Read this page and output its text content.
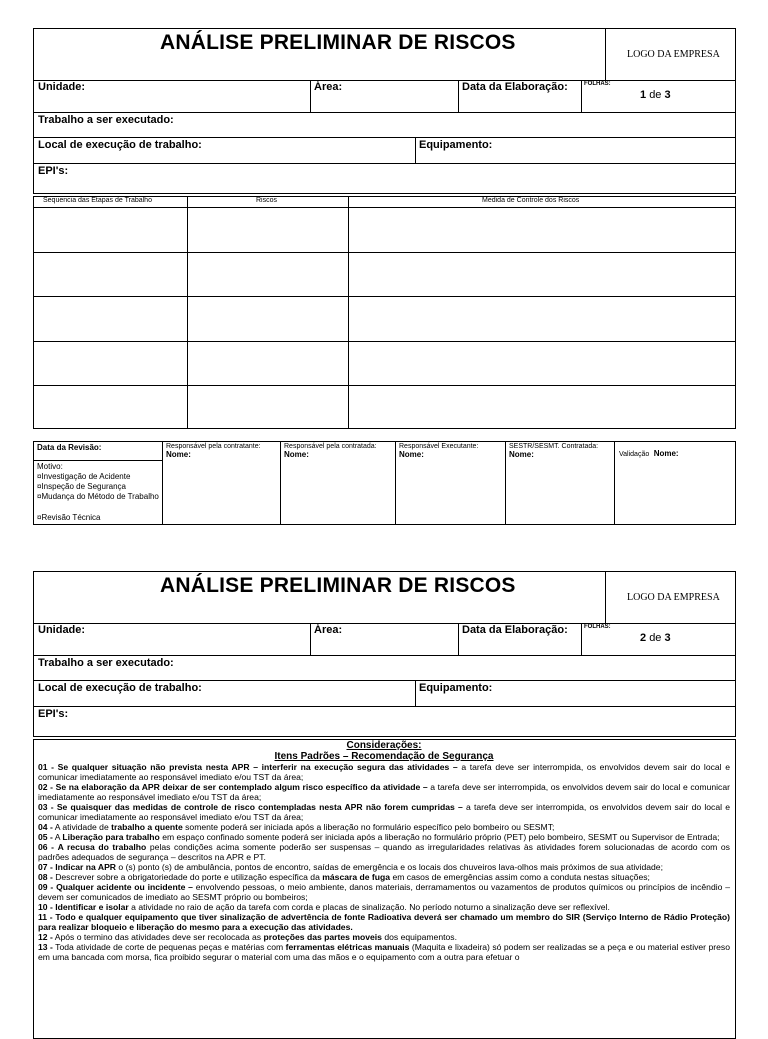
ANÁLISE PRELIMINAR DE RISCOS
LOGO DA EMPRESA
Unidade:	Área:	Data da Elaboração:	FOLHAS:
1 de 3
Trabalho a ser executado:
Local de execução de trabalho:	Equipamento:
EPI's:
Sequencia das Etapas de Trabalho	Riscos	Medida de Controle dos Riscos
Data da Revisão:
Motivo:
¤Investigação de Acidente
¤Inspeção de Segurança
¤Mudança do Método de Trabalho
¤Revisão Técnica
Responsável pela contratante:
Nome:
Responsável pela contratada:
Nome:
Responsável Executante:
Nome:
SESTR/SESMT. Contratada:
Nome:	Validação Nome:
ANÁLISE PRELIMINAR DE RISCOS
LOGO DA EMPRESA
Unidade:	Área:	Data da Elaboração:	FOLHAS:
2 de 3
Trabalho a ser executado:
Local de execução de trabalho:	Equipamento:
EPI's:
Considerações:
Itens Padrões – Recomendação de Segurança

01 - Se qualquer situação não prevista nesta APR – interferir na execução segura das atividades – a tarefa deve ser interrompida, os envolvidos devem sair do local e comunicar imediatamente ao responsável imediato e/ou TST da área;

02 - Se na elaboração da APR deixar de ser contemplado algum risco específico da atividade – a tarefa deve ser interrompida, os envolvidos devem sair do local e comunicar imediatamente ao responsável imediato e/ou TST da área;

03 - Se quaisquer das medidas de controle de risco contempladas nesta APR não forem cumpridas – a tarefa deve ser interrompida, os envolvidos devem sair do local e comunicar imediatamente ao responsável imediato e/ou TST da área;

04 - A atividade de trabalho a quente somente poderá ser iniciada após a liberação no formulário específico pelo bombeiro ou SESMT;

05 - A Liberação para trabalho em espaço confinado somente poderá ser iniciada após a liberação no formulário próprio (PET) pelo bombeiro, SESMT ou Supervisor de Entrada;

06 - A recusa do trabalho pelas condições acima somente poderão ser suspensas – quando as irregularidades relativas às atividades forem solucionadas de acordo com os padrões adequados de segurança – descritos na APR e PT.

07 - Indicar na APR o (s) ponto (s) de ambulância, pontos de encontro, saídas de emergência e os locais dos chuveiros lava-olhos mais próximos de sua atividade;

08 - Descrever sobre a obrigatoriedade do porte e utilização específica da máscara de fuga em casos de emergências assim como a conduta nestas situações;

09 - Qualquer acidente ou incidente – envolvendo pessoas, o meio ambiente, danos materiais, derramamentos ou vazamentos de produtos químicos ou princípios de incêndio – devem ser comunicados de imediato ao SESMT próprio ou bombeiros;

10 - Identificar e isolar a atividade no raio de ação da tarefa com corda e placas de sinalização. No período noturno a sinalização deve ser reflexível.

11 - Todo e qualquer equipamento que tiver sinalização de advertência de fonte Radioativa deverá ser chamado um membro do SIR (Serviço Interno de Rádio Proteção) para realizar bloqueio e liberação do mesmo para a execução das atividades.

12 - Após o termino das atividades deve ser recolocada as proteções das partes moveis dos equipamentos.

13 - Toda atividade de corte de pequenas peças e matérias com ferramentas elétricas manuais (Maquita e lixadeira) só podem ser realizadas se a peça e ou material estiver preso em uma bancada com morsa, fica proibido segurar o material com uma das mãos e o equipamento com a outra para efetuar o
